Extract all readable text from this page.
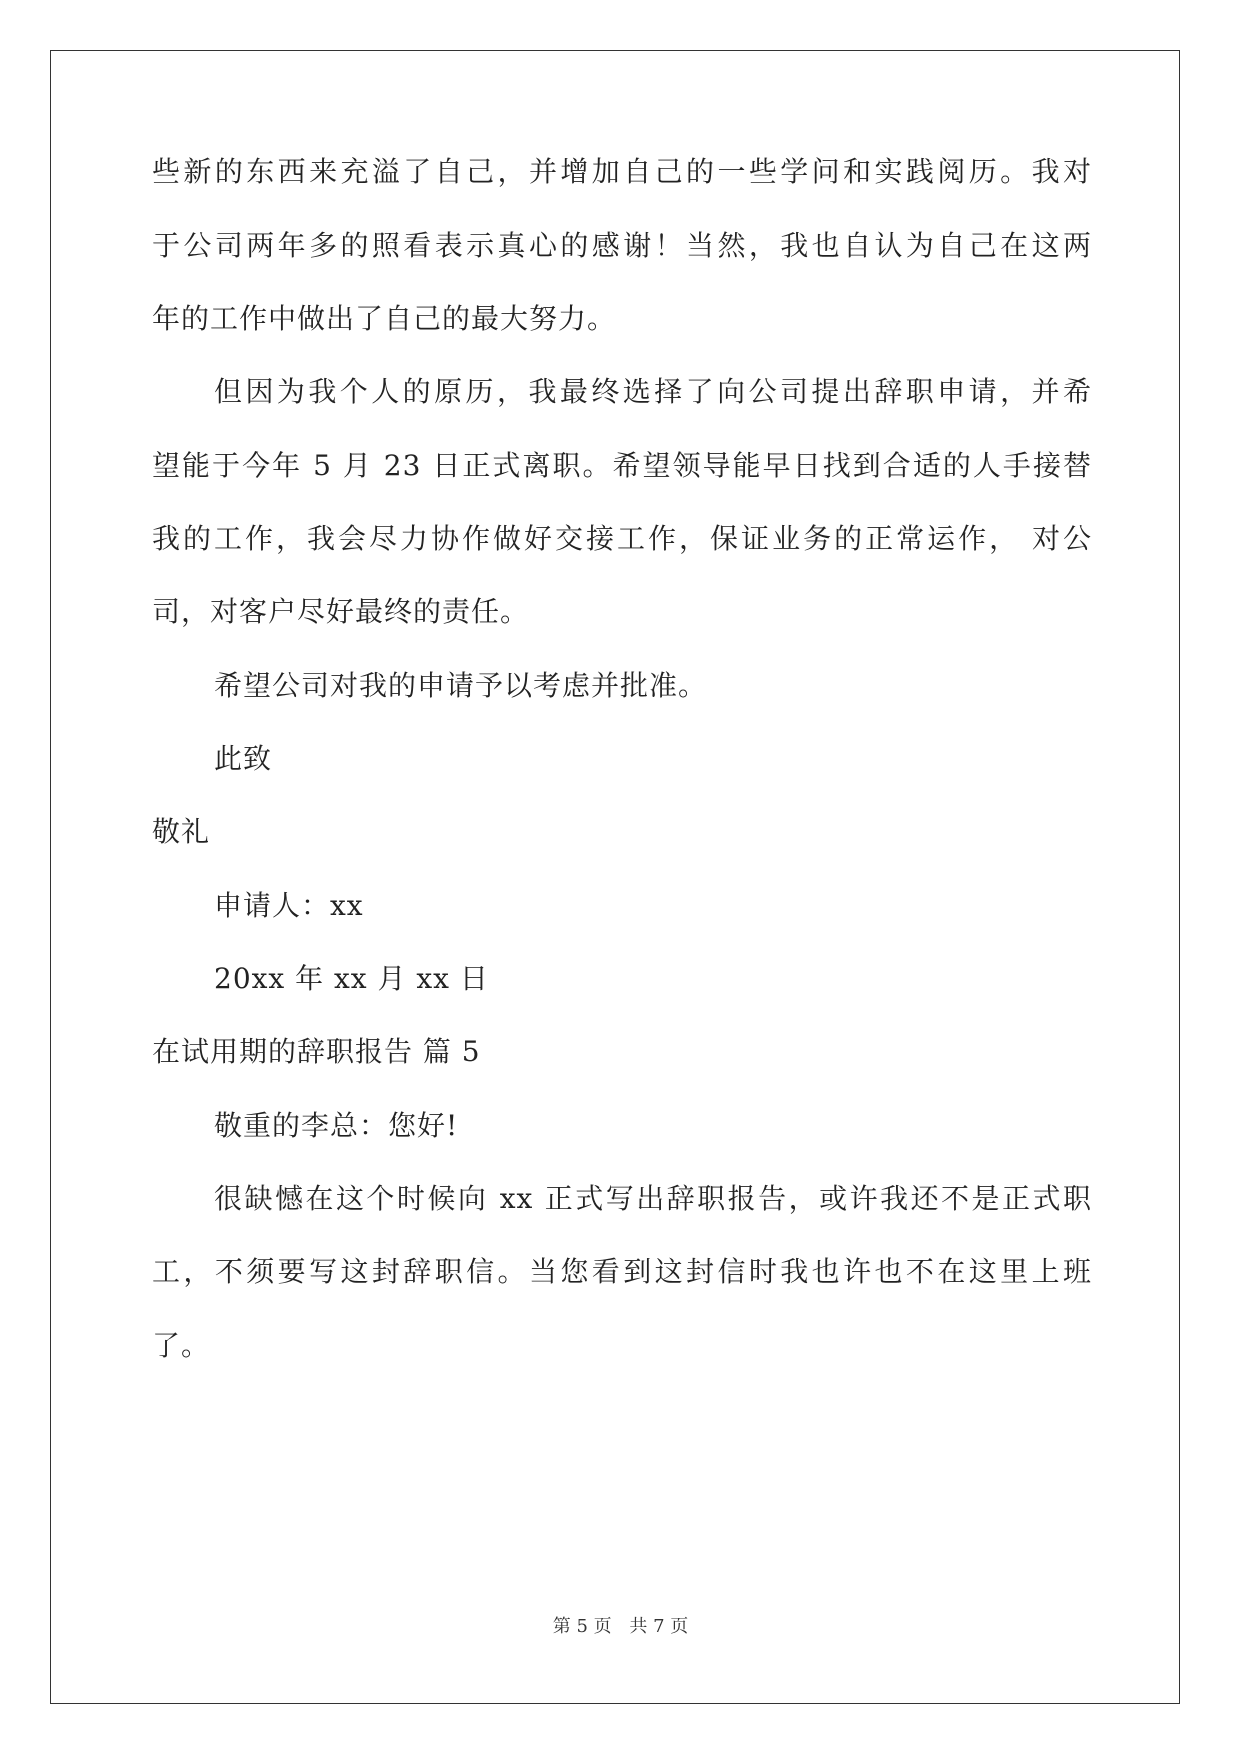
些新的东西来充溢了自己，并增加自己的一些学问和实践阅历。我对
于公司两年多的照看表示真心的感谢！当然，我也自认为自己在这两
年的工作中做出了自己的最大努力。
但因为我个人的原历，我最终选择了向公司提出辞职申请，并希
望能于今年 5 月 23 日正式离职。希望领导能早日找到合适的人手接替
我的工作，我会尽力协作做好交接工作，保证业务的正常运作， 对公
司，对客户尽好最终的责任。
希望公司对我的申请予以考虑并批准。
此致
敬礼
申请人：xx
20xx 年 xx 月 xx 日
在试用期的辞职报告 篇 5
敬重的李总：您好!
很缺憾在这个时候向 xx 正式写出辞职报告，或许我还不是正式职
工，不须要写这封辞职信。当您看到这封信时我也许也不在这里上班
了。
第 5 页 共 7 页
